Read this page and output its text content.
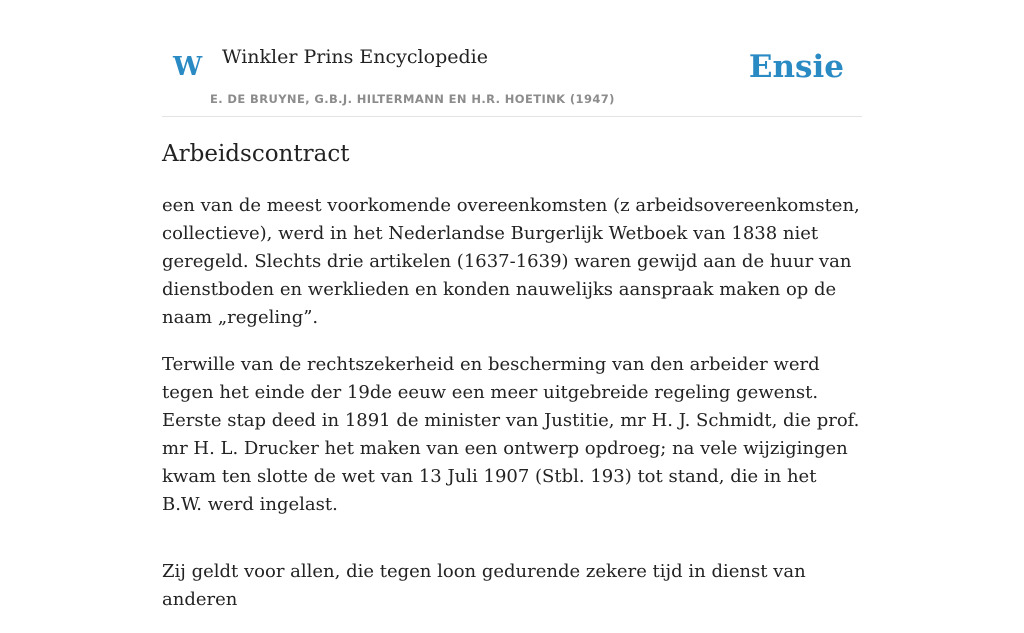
W Winkler Prins Encyclopedie
E. DE BRUYNE, G.B.J. HILTERMANN EN H.R. HOETINK (1947)
Ensie
Arbeidscontract

een van de meest voorkomende overeenkomsten (z arbeidsovereenkomsten, collectieve), werd in het Nederlandse Burgerlijk Wetboek van 1838 niet geregeld. Slechts drie artikelen (1637-1639) waren gewijd aan de huur van dienstboden en werklieden en konden nauwelijks aanspraak maken op de naam „regeling”.

Terwille van de rechtszekerheid en bescherming van den arbeider werd tegen het einde der 19de eeuw een meer uitgebreide regeling gewenst. Eerste stap deed in 1891 de minister van Justitie, mr H. J. Schmidt, die prof. mr H. L. Drucker het maken van een ontwerp opdroeg; na vele wijzigingen kwam ten slotte de wet van 13 Juli 1907 (Stbl. 193) tot stand, die in het B.W. werd ingelast.

Zij geldt voor allen, die tegen loon gedurende zekere tijd in dienst van anderen
